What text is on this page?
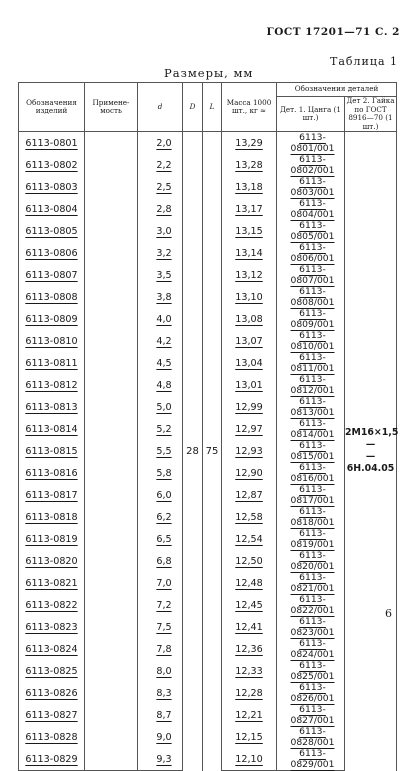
ГОСТ 17201—71 С. 2
Таблица 1
Размеры, мм
Обозначения изделий	Примене-мость	d	D	L	Масса 1000 шт., кг ≈	Обозначения деталей	
						Дет. 1. Цанга (1 шт.)	Дет 2. Гайка по ГОСТ 8916—70 (1 шт.)
6113-0801		2,0	28	75	13,29	6113-0801/001	2М16×1,5—
—6Н.04.05

6113-0802		2,2			13,28	6113-0802/001	
6113-0803		2,5			13,18	6113-0803/001	
6113-0804		2,8			13,17	6113-0804/001	
6113-0805		3,0			13,15	6113-0805/001	
6113-0806		3,2			13,14	6113-0806/001	
6113-0807		3,5			13,12	6113-0807/001	
6113-0808		3,8			13,10	6113-0808/001	
6113-0809		4,0			13,08	6113-0809/001	
6113-0810		4,2			13,07	6113-0810/001	
6113-0811		4,5			13,04	6113-0811/001	
6113-0812		4,8			13,01	6113-0812/001	
6113-0813		5,0			12,99	6113-0813/001	
6113-0814		5,2			12,97	6113-0814/001	
6113-0815		5,5			12,93	6113-0815/001	
6113-0816		5,8			12,90	6113-0816/001	
6113-0817		6,0			12,87	6113-0817/001	
6113-0818		6,2			12,58	6113-0818/001	
6113-0819		6,5			12,54	6113-0819/001	
6113-0820		6,8			12,50	6113-0820/001	
6113-0821		7,0			12,48	6113-0821/001	
6113-0822		7,2			12,45	6113-0822/001	
6113-0823		7,5			12,41	6113-0823/001	
6113-0824		7,8			12,36	6113-0824/001	
6113-0825		8,0			12,33	6113-0825/001	
6113-0826		8,3			12,28	6113-0826/001	
6113-0827		8,7			12,21	6113-0827/001	
6113-0828		9,0			12,15	6113-0828/001	
6113-0829		9,3			12,10	6113-0829/001	
6
